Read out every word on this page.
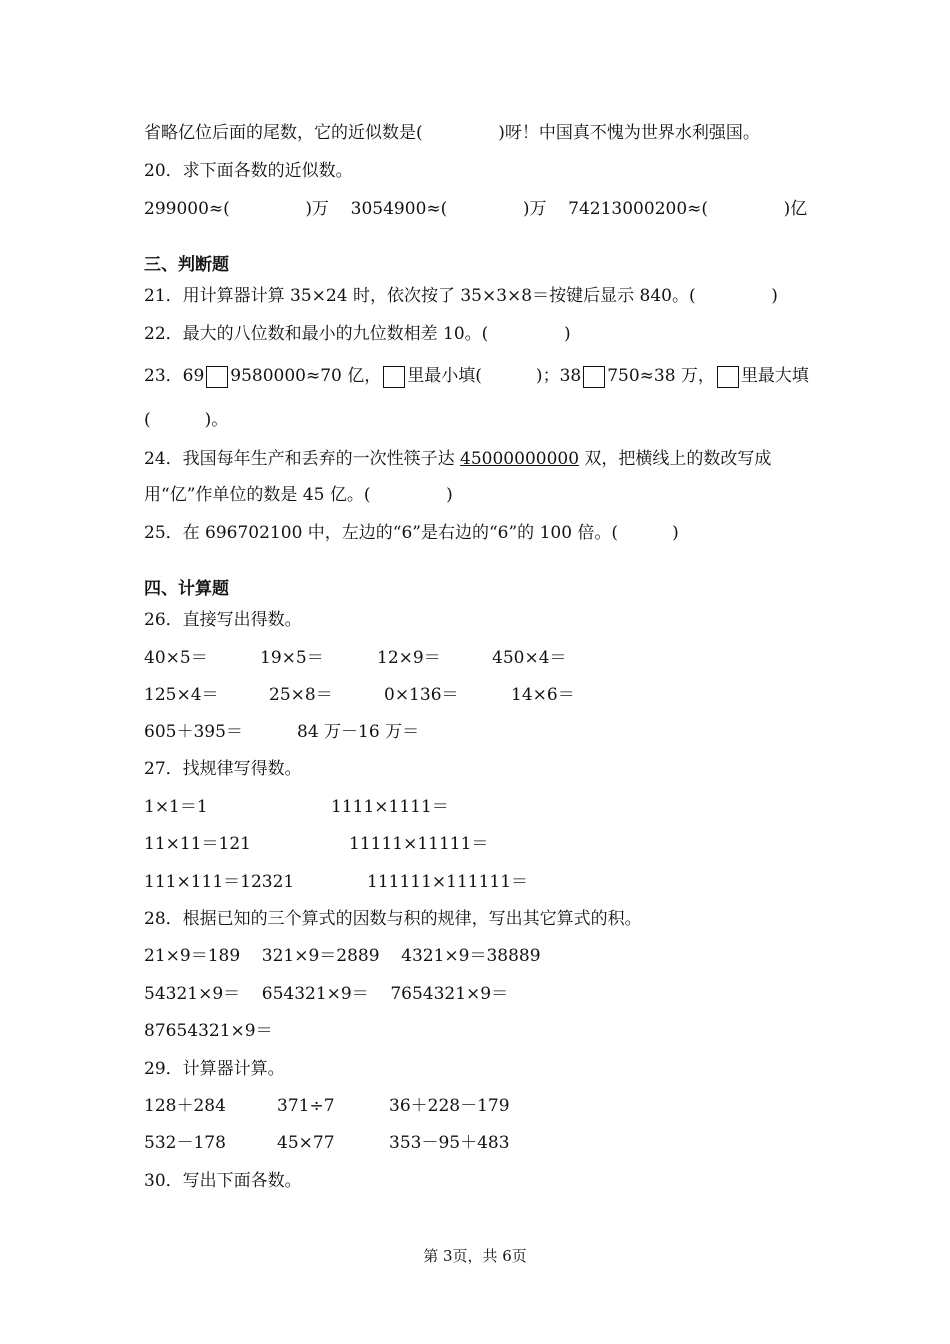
省略亿位后面的尾数，它的近似数是(              )呀！中国真不愧为世界水利强国。
20．求下面各数的近似数。
299000≈(              )万    3054900≈(              )万    74213000200≈(              )亿
三、判断题
21．用计算器计算 35×24 时，依次按了 35×3×8＝按键后显示 840。(              )
22．最大的八位数和最小的九位数相差 10。(              )
23．69 9580000≈70 亿， 里最小填(          )；38 750≈38 万， 里最大填
(          )。
24．我国每年生产和丢弃的一次性筷子达 45000000000 双，把横线上的数改写成
用“亿”作单位的数是 45 亿。(              )
25．在 696702100 中，左边的“6”是右边的“6”的 100 倍。(          )
四、计算题
26．直接写出得数。
40×5＝	19×5＝	12×9＝	450×4＝
125×4＝	25×8＝	0×136＝	14×6＝
605＋395＝	84 万－16 万＝
27．找规律写得数。
1×1＝1	1111×1111＝
11×11＝121	11111×11111＝
111×111＝12321	111111×111111＝
28．根据已知的三个算式的因数与积的规律，写出其它算式的积。
21×9＝189    321×9＝2889    4321×9＝38889
54321×9＝    654321×9＝    7654321×9＝
87654321×9＝
29．计算器计算。
128＋284	371÷7	36＋228－179
532－178	45×77	353－95＋483
30．写出下面各数。
第 3页，共 6页
